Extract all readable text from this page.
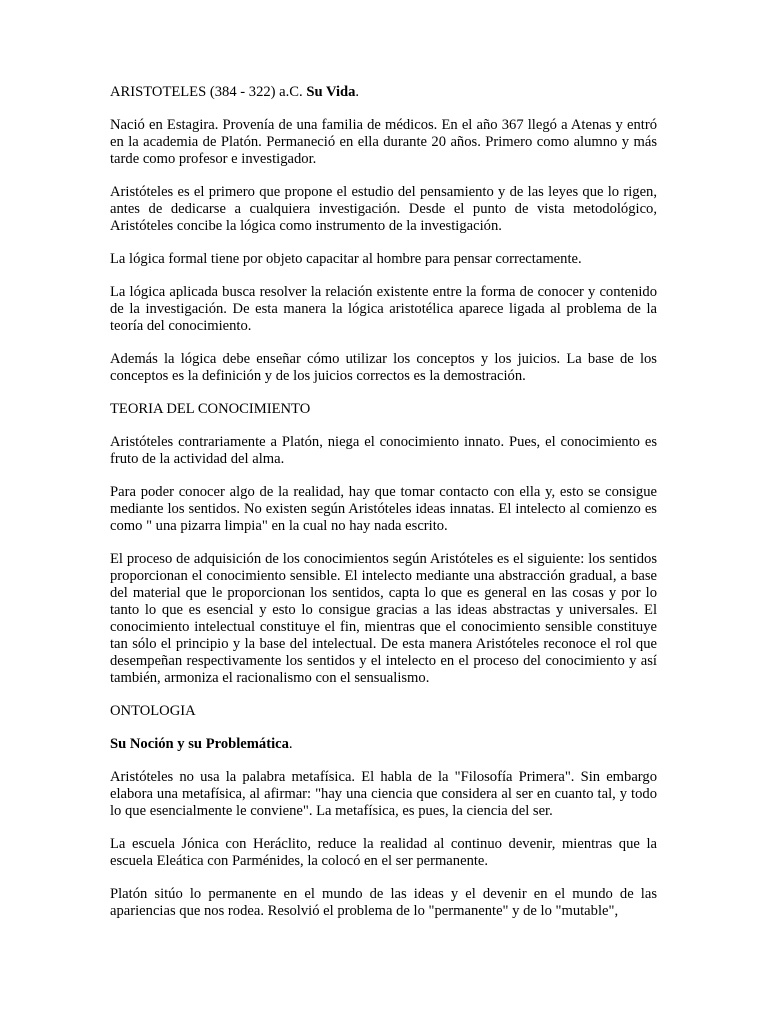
ARISTOTELES (384 - 322) a.C. Su Vida.

Nació en Estagira. Provenía de una familia de médicos. En el año 367 llegó a Atenas y entró en la academia de Platón. Permaneció en ella durante 20 años. Primero como alumno y más tarde como profesor e investigador.

Aristóteles es el primero que propone el estudio del pensamiento y de las leyes que lo rigen, antes de dedicarse a cualquiera investigación. Desde el punto de vista metodológico, Aristóteles concibe la lógica como instrumento de la investigación.

La lógica formal tiene por objeto capacitar al hombre para pensar correctamente.

La lógica aplicada busca resolver la relación existente entre la forma de conocer y contenido de la investigación. De esta manera la lógica aristotélica aparece ligada al problema de la teoría del conocimiento.

Además la lógica debe enseñar cómo utilizar los conceptos y los juicios. La base de los conceptos es la definición y de los juicios correctos es la demostración.

TEORIA DEL CONOCIMIENTO

Aristóteles contrariamente a Platón, niega el conocimiento innato. Pues, el conocimiento es fruto de la actividad del alma.

Para poder conocer algo de la realidad, hay que tomar contacto con ella y, esto se consigue mediante los sentidos. No existen según Aristóteles ideas innatas. El intelecto al comienzo es como " una pizarra limpia" en la cual no hay nada escrito.

El proceso de adquisición de los conocimientos según Aristóteles es el siguiente: los sentidos proporcionan el conocimiento sensible. El intelecto mediante una abstracción gradual, a base del material que le proporcionan los sentidos, capta lo que es general en las cosas y por lo tanto lo que es esencial y esto lo consigue gracias a las ideas abstractas y universales. El conocimiento intelectual constituye el fin, mientras que el conocimiento sensible constituye tan sólo el principio y la base del intelectual. De esta manera Aristóteles reconoce el rol que desempeñan respectivamente los sentidos y el intelecto en el proceso del conocimiento y así también, armoniza el racionalismo con el sensualismo.

ONTOLOGIA

Su Noción y su Problemática.

Aristóteles no usa la palabra metafísica. El habla de la "Filosofía Primera". Sin embargo elabora una metafísica, al afirmar: "hay una ciencia que considera al ser en cuanto tal, y todo lo que esencialmente le conviene". La metafísica, es pues, la ciencia del ser.

La escuela Jónica con Heráclito, reduce la realidad al continuo devenir, mientras que la escuela Eleática con Parménides, la colocó en el ser permanente.

Platón sitúo lo permanente en el mundo de las ideas y el devenir en el mundo de las apariencias que nos rodea. Resolvió el problema de lo "permanente" y de lo "mutable",
